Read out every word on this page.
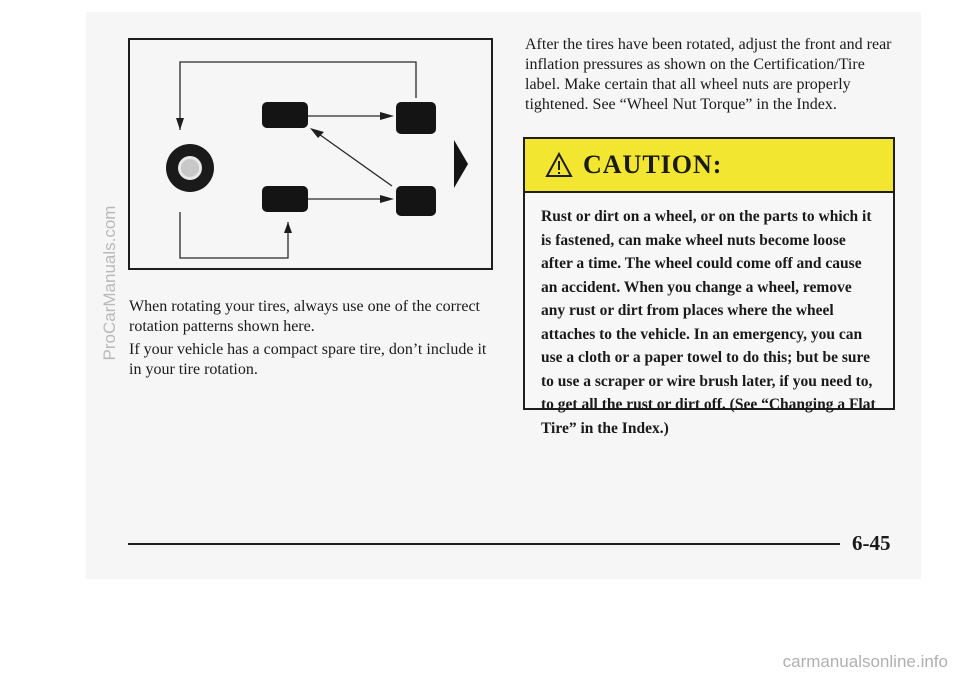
ProCarManuals.com When rotating your tires, always use one of the correct rotation patterns shown here.
If your vehicle has a compact spare tire, don’t include it in your tire rotation.
After the tires have been rotated, adjust the front and rear inflation pressures as shown on the Certification/Tire label. Make certain that all wheel nuts are properly tightened. See “Wheel Nut Torque” in the Index.
CAUTION:
Rust or dirt on a wheel, or on the parts to which it is fastened, can make wheel nuts become loose after a time. The wheel could come off and cause an accident. When you change a wheel, remove any rust or dirt from places where the wheel attaches to the vehicle. In an emergency, you can use a cloth or a paper towel to do this; but be sure to use a scraper or wire brush later, if you need to, to get all the rust or dirt off. (See “Changing a Flat Tire” in the Index.)
6-45
carmanualsonline.info
